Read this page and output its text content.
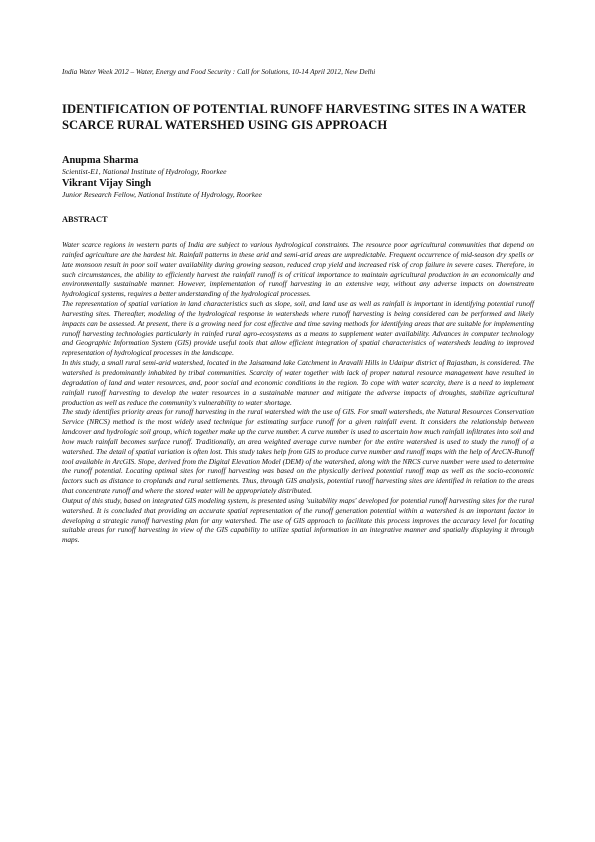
India Water Week 2012 – Water, Energy and Food Security : Call for Solutions, 10-14 April 2012, New Delhi
IDENTIFICATION OF POTENTIAL RUNOFF HARVESTING SITES IN A WATER SCARCE RURAL WATERSHED USING GIS APPROACH
Anupma Sharma
Scientist-E1, National Institute of Hydrology, Roorkee
Vikrant Vijay Singh
Junior Research Fellow, National Institute of Hydrology, Roorkee
ABSTRACT

Water scarce regions in western parts of India are subject to various hydrological constraints. The resource poor agricultural communities that depend on rainfed agriculture are the hardest hit. Rainfall patterns in these arid and semi-arid areas are unpredictable. Frequent occurrence of mid-season dry spells or late monsoon result in poor soil water availability during growing season, reduced crop yield and increased risk of crop failure in severe cases. Therefore, in such circumstances, the ability to efficiently harvest the rainfall runoff is of critical importance to maintain agricultural production in an economically and environmentally sustainable manner. However, implementation of runoff harvesting in an extensive way, without any adverse impacts on downstream hydrological systems, requires a better understanding of the hydrological processes.

The representation of spatial variation in land characteristics such as slope, soil, and land use as well as rainfall is important in identifying potential runoff harvesting sites. Thereafter, modeling of the hydrological response in watersheds where runoff harvesting is being considered can be performed and likely impacts can be assessed. At present, there is a growing need for cost effective and time saving methods for identifying areas that are suitable for implementing runoff harvesting technologies particularly in rainfed rural agro-ecosystems as a means to supplement water availability. Advances in computer technology and Geographic Information System (GIS) provide useful tools that allow efficient integration of spatial characteristics of watersheds leading to improved representation of hydrological processes in the landscape.

In this study, a small rural semi-arid watershed, located in the Jaisamand lake Catchment in Aravalli Hills in Udaipur district of Rajasthan, is considered. The watershed is predominantly inhabited by tribal communities. Scarcity of water together with lack of proper natural resource management have resulted in degradation of land and water resources, and, poor social and economic conditions in the region. To cope with water scarcity, there is a need to implement rainfall runoff harvesting to develop the water resources in a sustainable manner and mitigate the adverse impacts of droughts, stabilize agricultural production as well as reduce the community's vulnerability to water shortage.

The study identifies priority areas for runoff harvesting in the rural watershed with the use of GIS. For small watersheds, the Natural Resources Conservation Service (NRCS) method is the most widely used technique for estimating surface runoff for a given rainfall event. It considers the relationship between landcover and hydrologic soil group, which together make up the curve number. A curve number is used to ascertain how much rainfall infiltrates into soil and how much rainfall becomes surface runoff. Traditionally, an area weighted average curve number for the entire watershed is used to study the runoff of a watershed. The detail of spatial variation is often lost. This study takes help from GIS to produce curve number and runoff maps with the help of ArcCN-Runoff tool available in ArcGIS. Slope, derived from the Digital Elevation Model (DEM) of the watershed, along with the NRCS curve number were used to determine the runoff potential. Locating optimal sites for runoff harvesting was based on the physically derived potential runoff map as well as the socio-economic factors such as distance to croplands and rural settlements. Thus, through GIS analysis, potential runoff harvesting sites are identified in relation to the areas that concentrate runoff and where the stored water will be appropriately distributed.

Output of this study, based on integrated GIS modeling system, is presented using 'suitability maps' developed for potential runoff harvesting sites for the rural watershed. It is concluded that providing an accurate spatial representation of the runoff generation potential within a watershed is an important factor in developing a strategic runoff harvesting plan for any watershed. The use of GIS approach to facilitate this process improves the accuracy level for locating suitable areas for runoff harvesting in view of the GIS capability to utilize spatial information in an integrative manner and spatially displaying it through maps.
